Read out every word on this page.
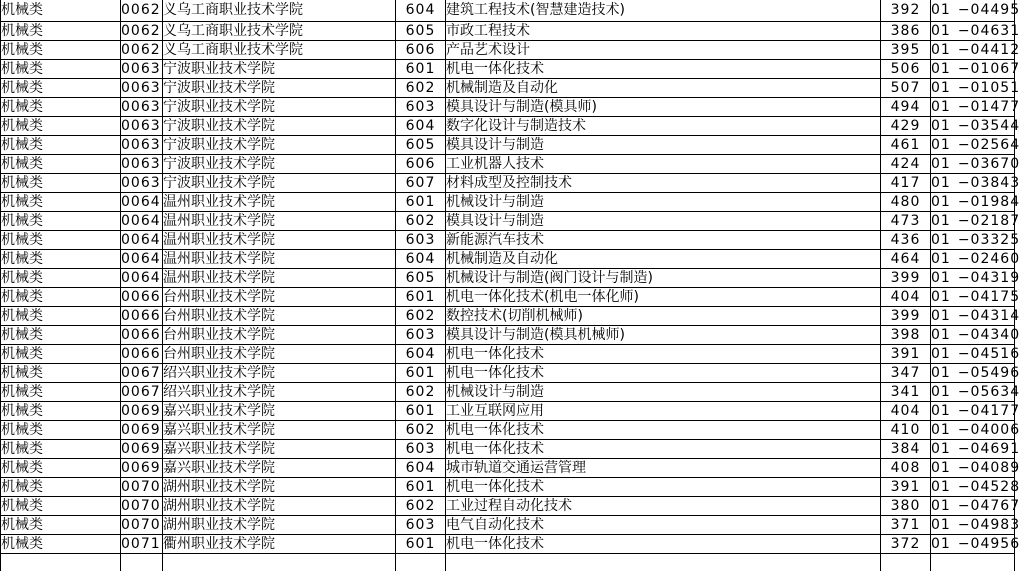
机械类	0062	义乌工商职业技术学院	604	建筑工程技术(智慧建造技术)	392	01 −04495
机械类	0062	义乌工商职业技术学院	605	市政工程技术	386	01 −04631
机械类	0062	义乌工商职业技术学院	606	产品艺术设计	395	01 −04412
机械类	0063	宁波职业技术学院	601	机电一体化技术	506	01 −01067
机械类	0063	宁波职业技术学院	602	机械制造及自动化	507	01 −01051
机械类	0063	宁波职业技术学院	603	模具设计与制造(模具师)	494	01 −01477
机械类	0063	宁波职业技术学院	604	数字化设计与制造技术	429	01 −03544
机械类	0063	宁波职业技术学院	605	模具设计与制造	461	01 −02564
机械类	0063	宁波职业技术学院	606	工业机器人技术	424	01 −03670
机械类	0063	宁波职业技术学院	607	材料成型及控制技术	417	01 −03843
机械类	0064	温州职业技术学院	601	机械设计与制造	480	01 −01984
机械类	0064	温州职业技术学院	602	模具设计与制造	473	01 −02187
机械类	0064	温州职业技术学院	603	新能源汽车技术	436	01 −03325
机械类	0064	温州职业技术学院	604	机械制造及自动化	464	01 −02460
机械类	0064	温州职业技术学院	605	机械设计与制造(阀门设计与制造)	399	01 −04319
机械类	0066	台州职业技术学院	601	机电一体化技术(机电一体化师)	404	01 −04175
机械类	0066	台州职业技术学院	602	数控技术(切削机械师)	399	01 −04314
机械类	0066	台州职业技术学院	603	模具设计与制造(模具机械师)	398	01 −04340
机械类	0066	台州职业技术学院	604	机电一体化技术	391	01 −04516
机械类	0067	绍兴职业技术学院	601	机电一体化技术	347	01 −05496
机械类	0067	绍兴职业技术学院	602	机械设计与制造	341	01 −05634
机械类	0069	嘉兴职业技术学院	601	工业互联网应用	404	01 −04177
机械类	0069	嘉兴职业技术学院	602	机电一体化技术	410	01 −04006
机械类	0069	嘉兴职业技术学院	603	机电一体化技术	384	01 −04691
机械类	0069	嘉兴职业技术学院	604	城市轨道交通运营管理	408	01 −04089
机械类	0070	湖州职业技术学院	601	机电一体化技术	391	01 −04528
机械类	0070	湖州职业技术学院	602	工业过程自动化技术	380	01 −04767
机械类	0070	湖州职业技术学院	603	电气自动化技术	371	01 −04983
机械类	0071	衢州职业技术学院	601	机电一体化技术	372	01 −04956
